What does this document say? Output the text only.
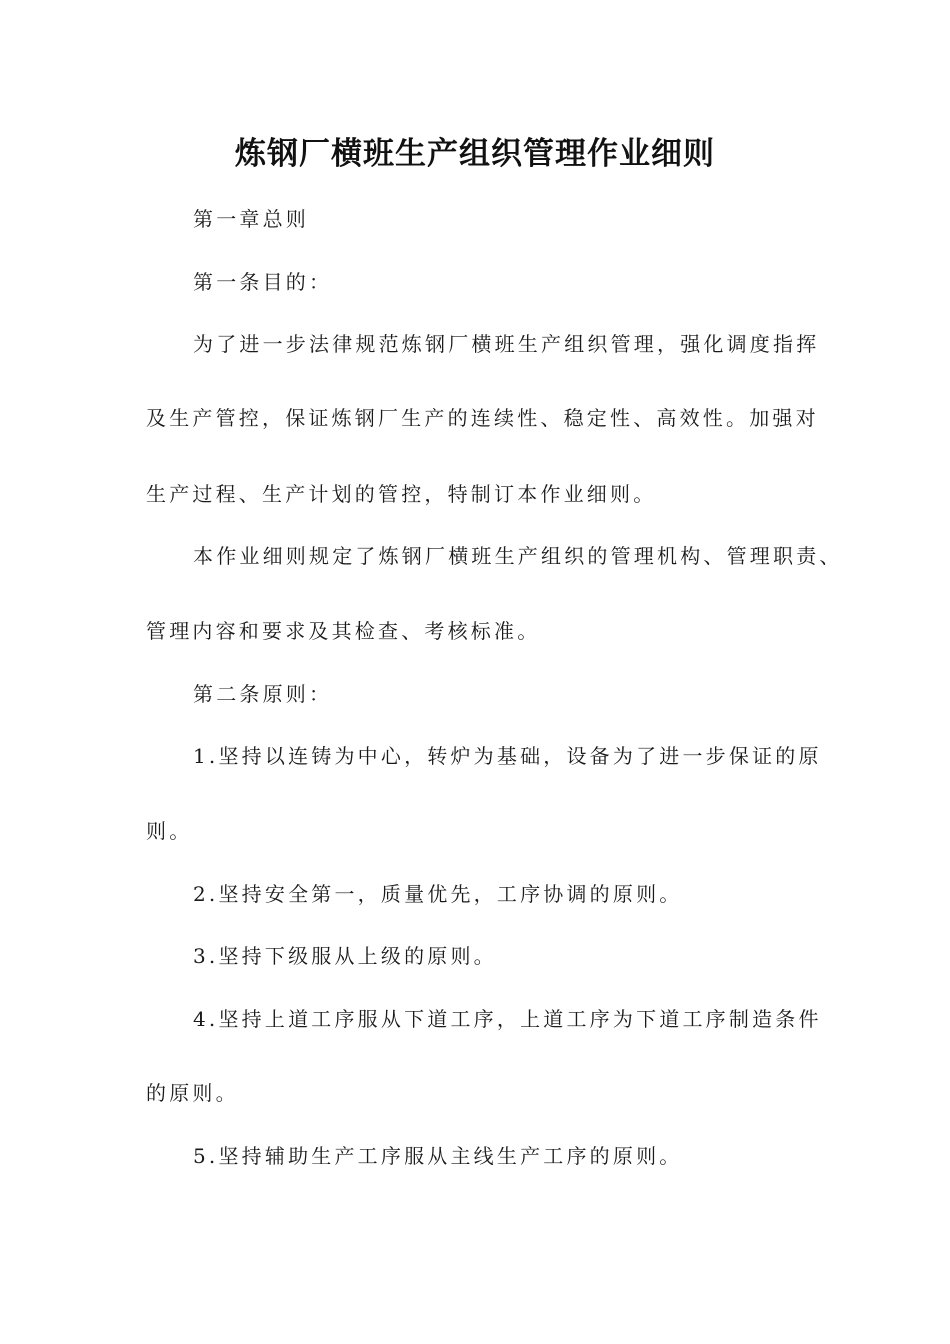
炼钢厂横班生产组织管理作业细则
第一章总则
第一条目的：
为了进一步法律规范炼钢厂横班生产组织管理，强化调度指挥
及生产管控，保证炼钢厂生产的连续性、稳定性、高效性。加强对
生产过程、生产计划的管控，特制订本作业细则。
本作业细则规定了炼钢厂横班生产组织的管理机构、管理职责、
管理内容和要求及其检查、考核标准。
第二条原则：
1.坚持以连铸为中心，转炉为基础，设备为了进一步保证的原
则。
2.坚持安全第一，质量优先，工序协调的原则。
3.坚持下级服从上级的原则。
4.坚持上道工序服从下道工序，上道工序为下道工序制造条件
的原则。
5.坚持辅助生产工序服从主线生产工序的原则。
